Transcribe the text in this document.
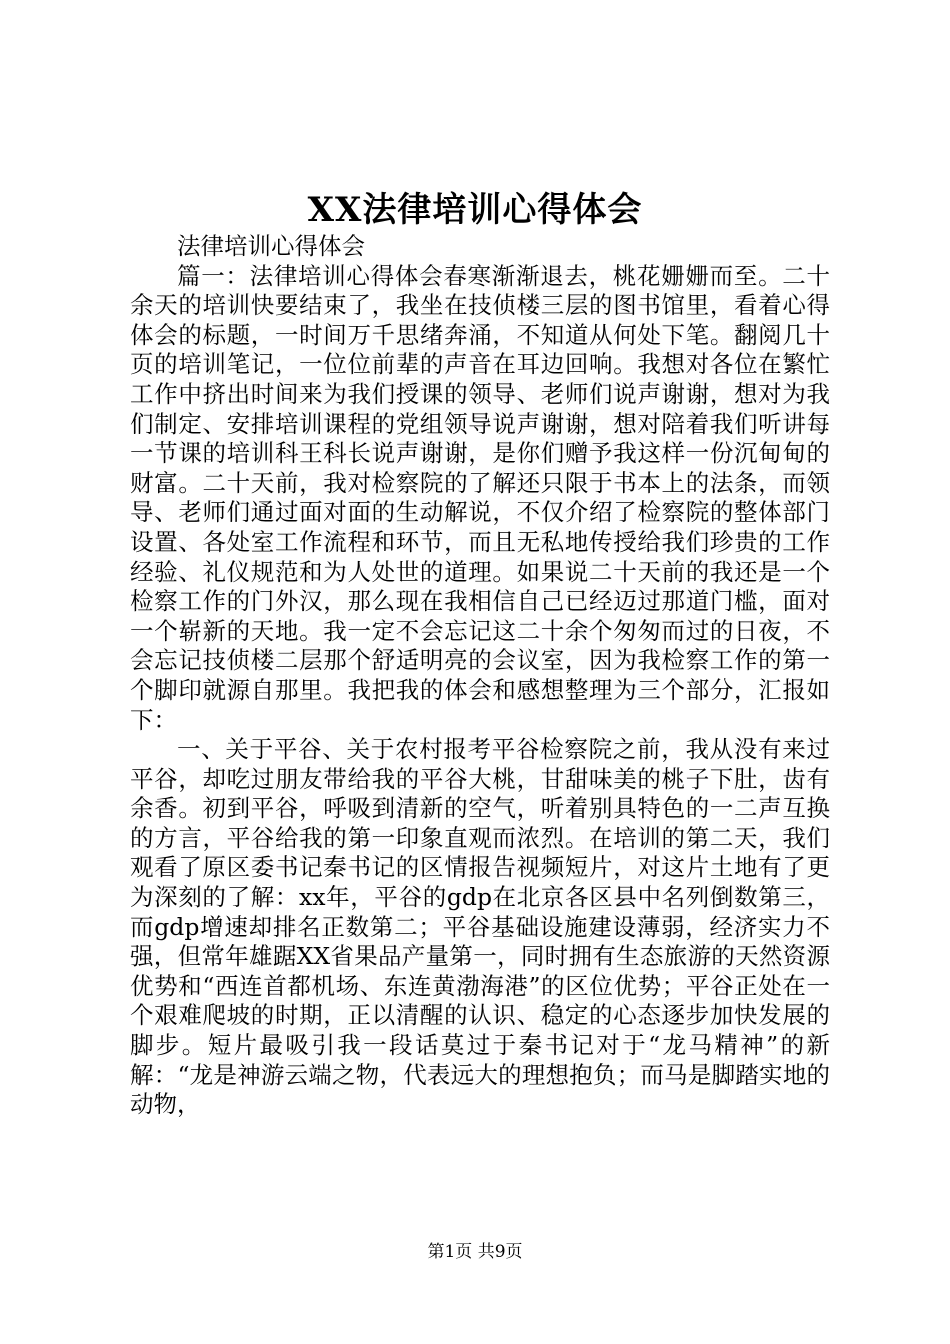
XX法律培训心得体会

法律培训心得体会

篇一：法律培训心得体会春寒渐渐退去，桃花姗姗而至。二十余天的培训快要结束了，我坐在技侦楼三层的图书馆里，看着心得体会的标题，一时间万千思绪奔涌，不知道从何处下笔。翻阅几十页的培训笔记，一位位前辈的声音在耳边回响。我想对各位在繁忙工作中挤出时间来为我们授课的领导、老师们说声谢谢，想对为我们制定、安排培训课程的党组领导说声谢谢，想对陪着我们听讲每一节课的培训科王科长说声谢谢，是你们赠予我这样一份沉甸甸的财富。二十天前，我对检察院的了解还只限于书本上的法条，而领导、老师们通过面对面的生动解说，不仅介绍了检察院的整体部门设置、各处室工作流程和环节，而且无私地传授给我们珍贵的工作经验、礼仪规范和为人处世的道理。如果说二十天前的我还是一个检察工作的门外汉，那么现在我相信自己已经迈过那道门槛，面对一个崭新的天地。我一定不会忘记这二十余个匆匆而过的日夜，不会忘记技侦楼二层那个舒适明亮的会议室，因为我检察工作的第一个脚印就源自那里。我把我的体会和感想整理为三个部分，汇报如下：

一、关于平谷、关于农村报考平谷检察院之前，我从没有来过平谷，却吃过朋友带给我的平谷大桃，甘甜味美的桃子下肚，齿有余香。初到平谷，呼吸到清新的空气，听着别具特色的一二声互换的方言，平谷给我的第一印象直观而浓烈。在培训的第二天，我们观看了原区委书记秦书记的区情报告视频短片，对这片土地有了更为深刻的了解：xx年，平谷的gdp在北京各区县中名列倒数第三，而gdp增速却排名正数第二；平谷基础设施建设薄弱，经济实力不强，但常年雄踞XX省果品产量第一，同时拥有生态旅游的天然资源优势和“西连首都机场、东连黄渤海港”的区位优势；平谷正处在一个艰难爬坡的时期，正以清醒的认识、稳定的心态逐步加快发展的脚步。短片最吸引我一段话莫过于秦书记对于“龙马精神”的新解：“龙是神游云端之物，代表远大的理想抱负；而马是脚踏实地的动物，

第1页 共9页
